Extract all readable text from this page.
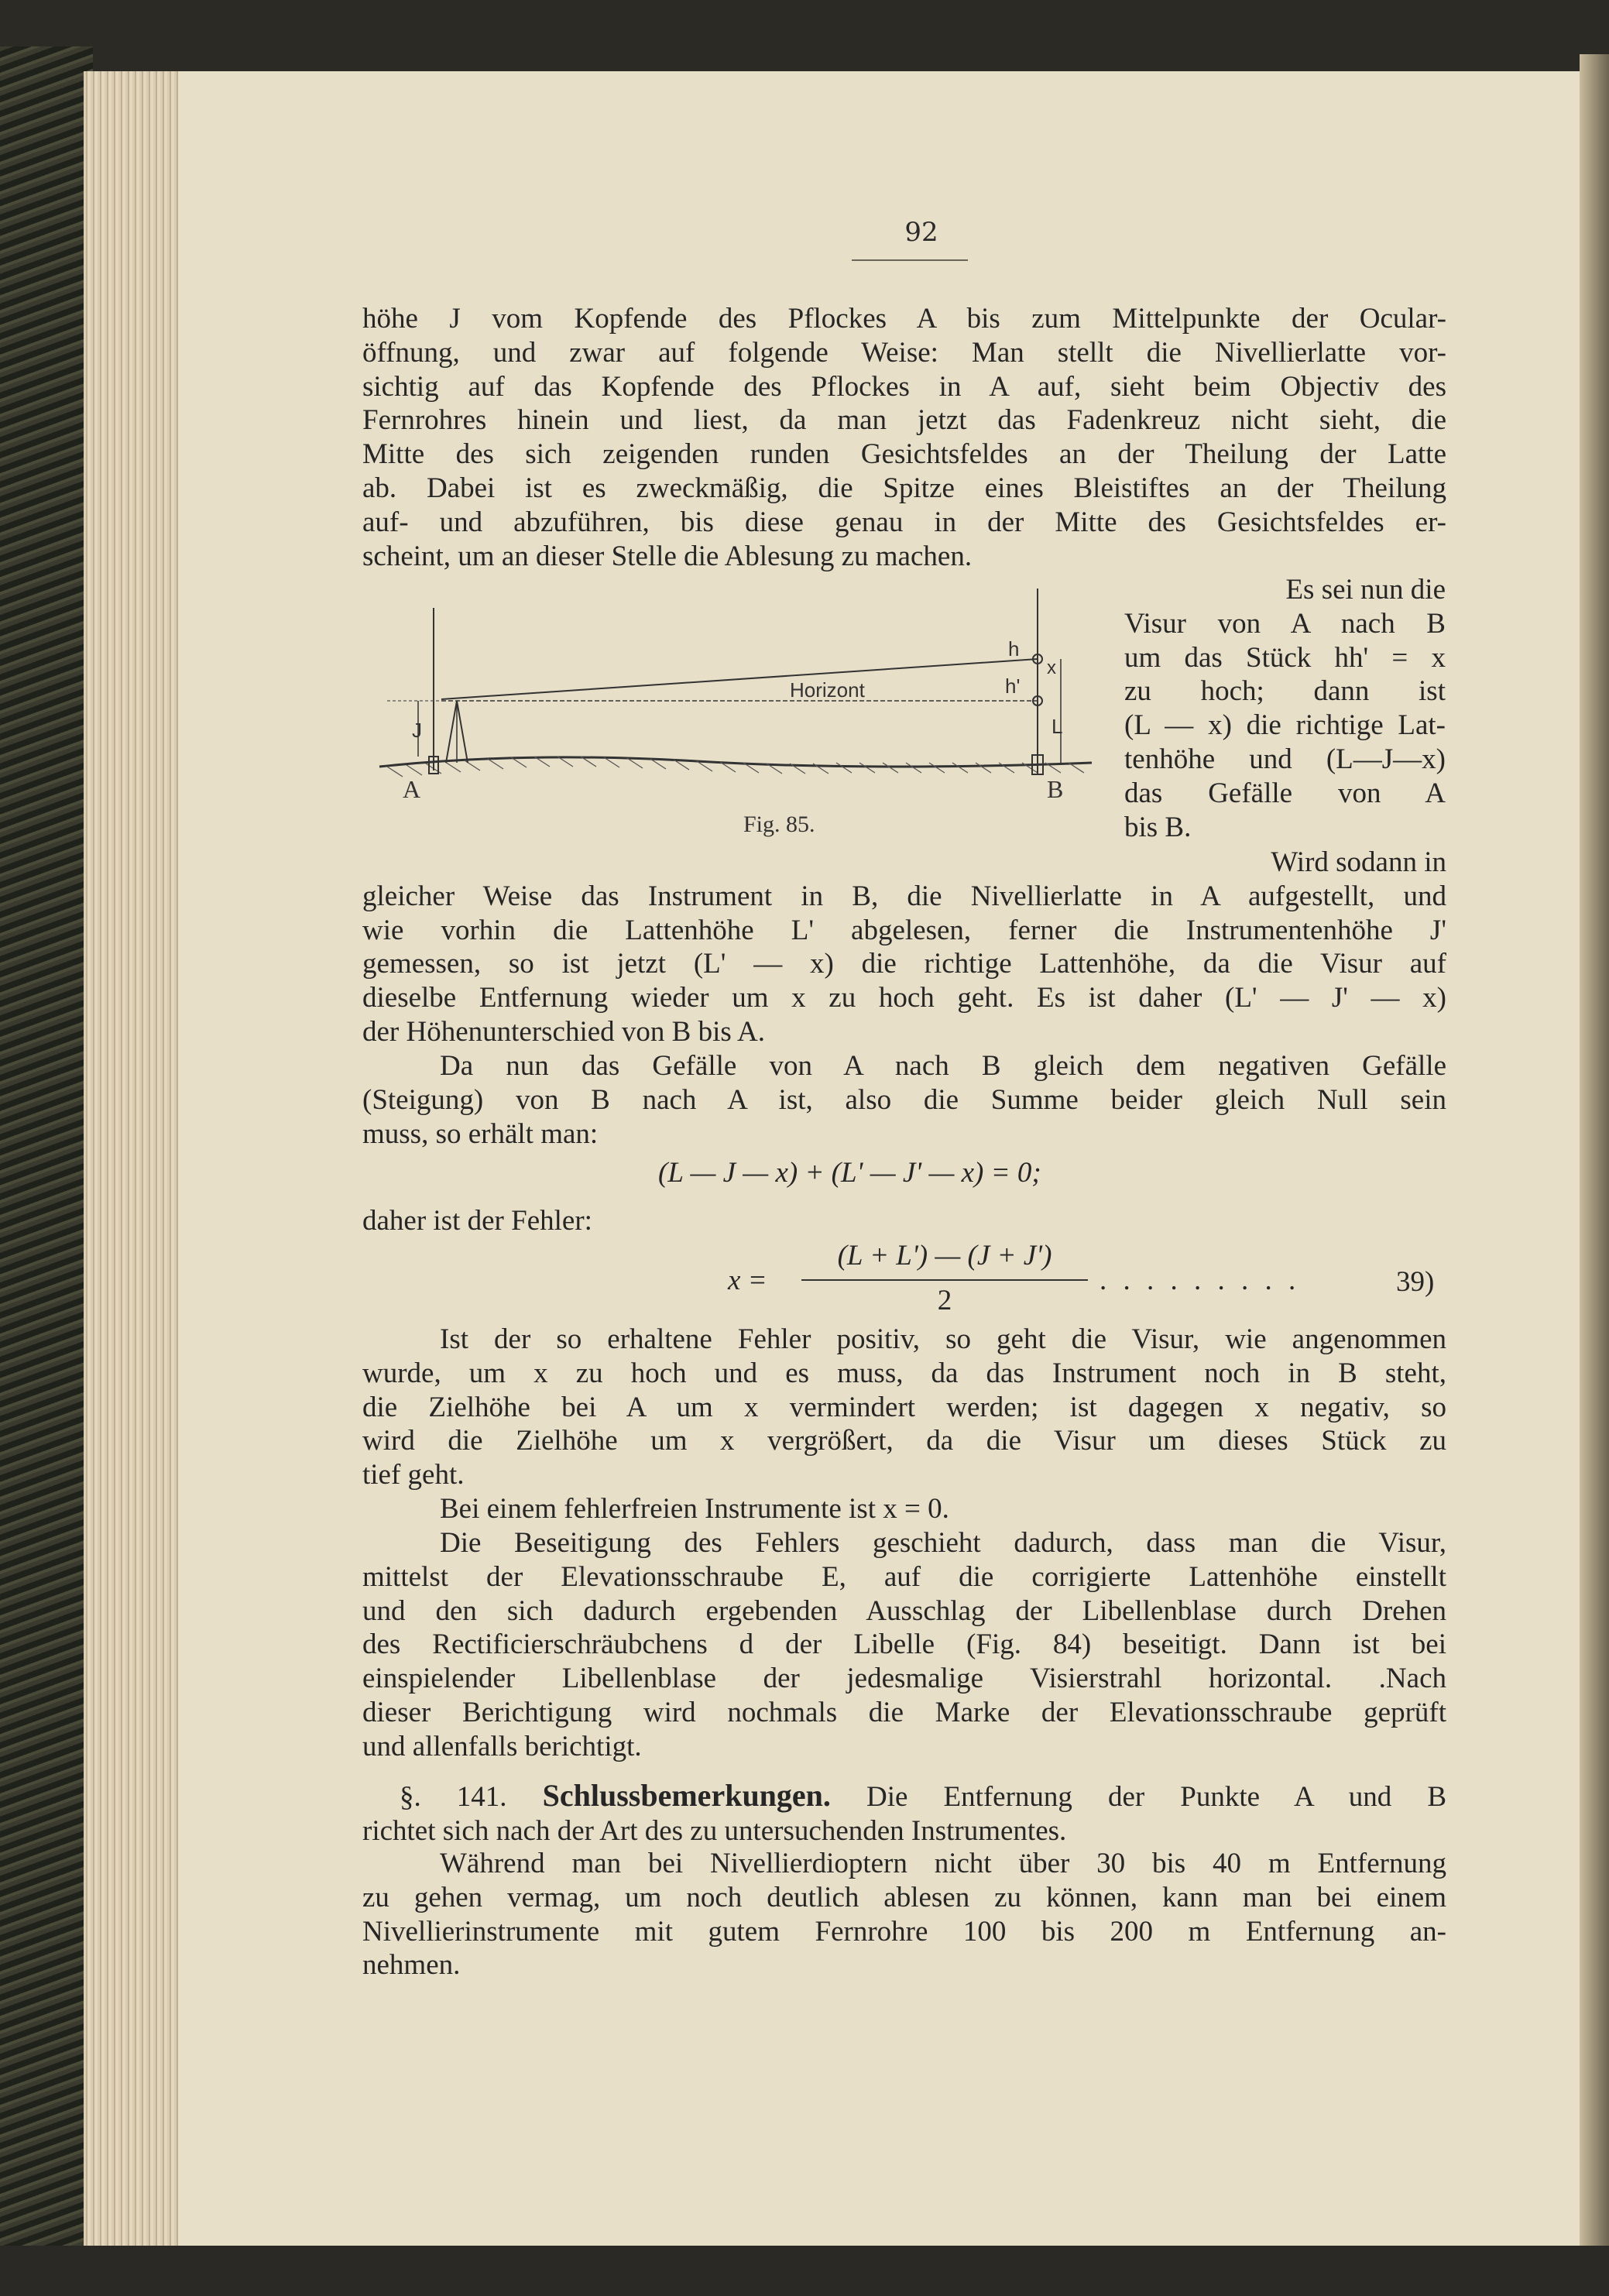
92
höhe J vom Kopfende des Pflockes A bis zum Mittelpunkte der Ocular-
öffnung, und zwar auf folgende Weise: Man stellt die Nivellierlatte vor-
sichtig auf das Kopfende des Pflockes in A auf, sieht beim Objectiv des
Fernrohres hinein und liest, da man jetzt das Fadenkreuz nicht sieht, die
Mitte des sich zeigenden runden Gesichtsfeldes an der Theilung der Latte
ab. Dabei ist es zweckmäßig, die Spitze eines Bleistiftes an der Theilung
auf- und abzuführen, bis diese genau in der Mitte des Gesichtsfeldes er-
scheint, um an dieser Stelle die Ablesung zu machen.
J
Horizont
h
h'
x
L
A	B
Fig. 85.
Es sei nun die
Visur von A nach B
um das Stück hh' = x
zu hoch; dann ist
(L — x) die richtige Lat-
tenhöhe und (L—J—x)
das Gefälle von A
bis B.
Wird sodann in
gleicher Weise das Instrument in B, die Nivellierlatte in A aufgestellt, und
wie vorhin die Lattenhöhe L' abgelesen, ferner die Instrumentenhöhe J'
gemessen, so ist jetzt (L' — x) die richtige Lattenhöhe, da die Visur auf
dieselbe Entfernung wieder um x zu hoch geht. Es ist daher (L' — J' — x)
der Höhenunterschied von B bis A.
Da nun das Gefälle von A nach B gleich dem negativen Gefälle
(Steigung) von B nach A ist, also die Summe beider gleich Null sein
muss, so erhält man:
(L — J — x) + (L' — J' — x) = 0;
daher ist der Fehler:
x =
(L + L') — (J + J')
2
. . . . . . . . .	39)
Ist der so erhaltene Fehler positiv, so geht die Visur, wie angenommen
wurde, um x zu hoch und es muss, da das Instrument noch in B steht,
die Zielhöhe bei A um x vermindert werden; ist dagegen x negativ, so
wird die Zielhöhe um x vergrößert, da die Visur um dieses Stück zu
tief geht.
Bei einem fehlerfreien Instrumente ist x = 0.
Die Beseitigung des Fehlers geschieht dadurch, dass man die Visur,
mittelst der Elevationsschraube E, auf die corrigierte Lattenhöhe einstellt
und den sich dadurch ergebenden Ausschlag der Libellenblase durch Drehen
des Rectificierschräubchens d der Libelle (Fig. 84) beseitigt. Dann ist bei
einspielender Libellenblase der jedesmalige Visierstrahl horizontal. .Nach
dieser Berichtigung wird nochmals die Marke der Elevationsschraube geprüft
und allenfalls berichtigt.
§. 141. Schlussbemerkungen. Die Entfernung der Punkte A und B
richtet sich nach der Art des zu untersuchenden Instrumentes.
Während man bei Nivellierdioptern nicht über 30 bis 40 m Entfernung
zu gehen vermag, um noch deutlich ablesen zu können, kann man bei einem
Nivellierinstrumente mit gutem Fernrohre 100 bis 200 m Entfernung an-
nehmen.
